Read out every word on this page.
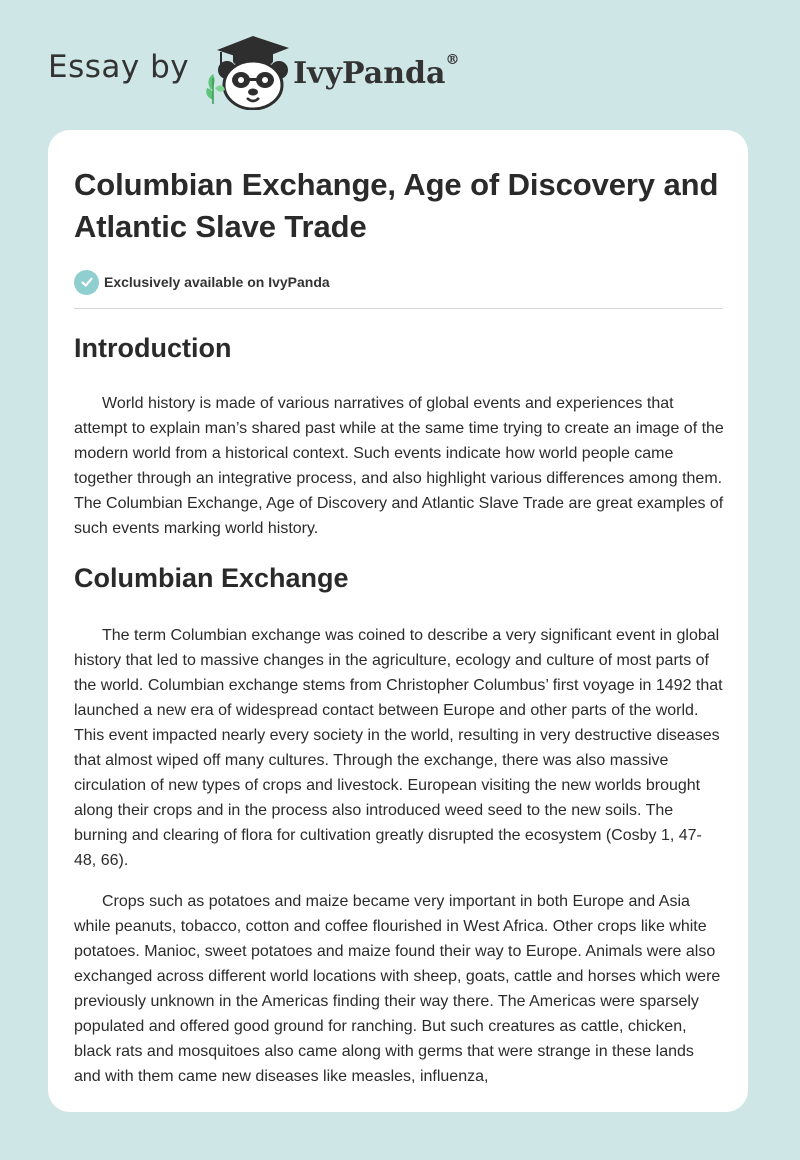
Essay by	IvyPanda®
Columbian Exchange, Age of Discovery and Atlantic Slave Trade
Exclusively available on IvyPanda
Introduction

World history is made of various narratives of global events and experiences that attempt to explain man’s shared past while at the same time trying to create an image of the modern world from a historical context. Such events indicate how world people came together through an integrative process, and also highlight various differences among them. The Columbian Exchange, Age of Discovery and Atlantic Slave Trade are great examples of such events marking world history.

Columbian Exchange

The term Columbian exchange was coined to describe a very significant event in global history that led to massive changes in the agriculture, ecology and culture of most parts of the world. Columbian exchange stems from Christopher Columbus’ first voyage in 1492 that launched a new era of widespread contact between Europe and other parts of the world. This event impacted nearly every society in the world, resulting in very destructive diseases that almost wiped off many cultures. Through the exchange, there was also massive circulation of new types of crops and livestock. European visiting the new worlds brought along their crops and in the process also introduced weed seed to the new soils. The burning and clearing of flora for cultivation greatly disrupted the ecosystem (Cosby 1, 47-48, 66).

Crops such as potatoes and maize became very important in both Europe and Asia while peanuts, tobacco, cotton and coffee flourished in West Africa. Other crops like white potatoes. Manioc, sweet potatoes and maize found their way to Europe. Animals were also exchanged across different world locations with sheep, goats, cattle and horses which were previously unknown in the Americas finding their way there. The Americas were sparsely populated and offered good ground for ranching. But such creatures as cattle, chicken, black rats and mosquitoes also came along with germs that were strange in these lands and with them came new diseases like measles, influenza,
